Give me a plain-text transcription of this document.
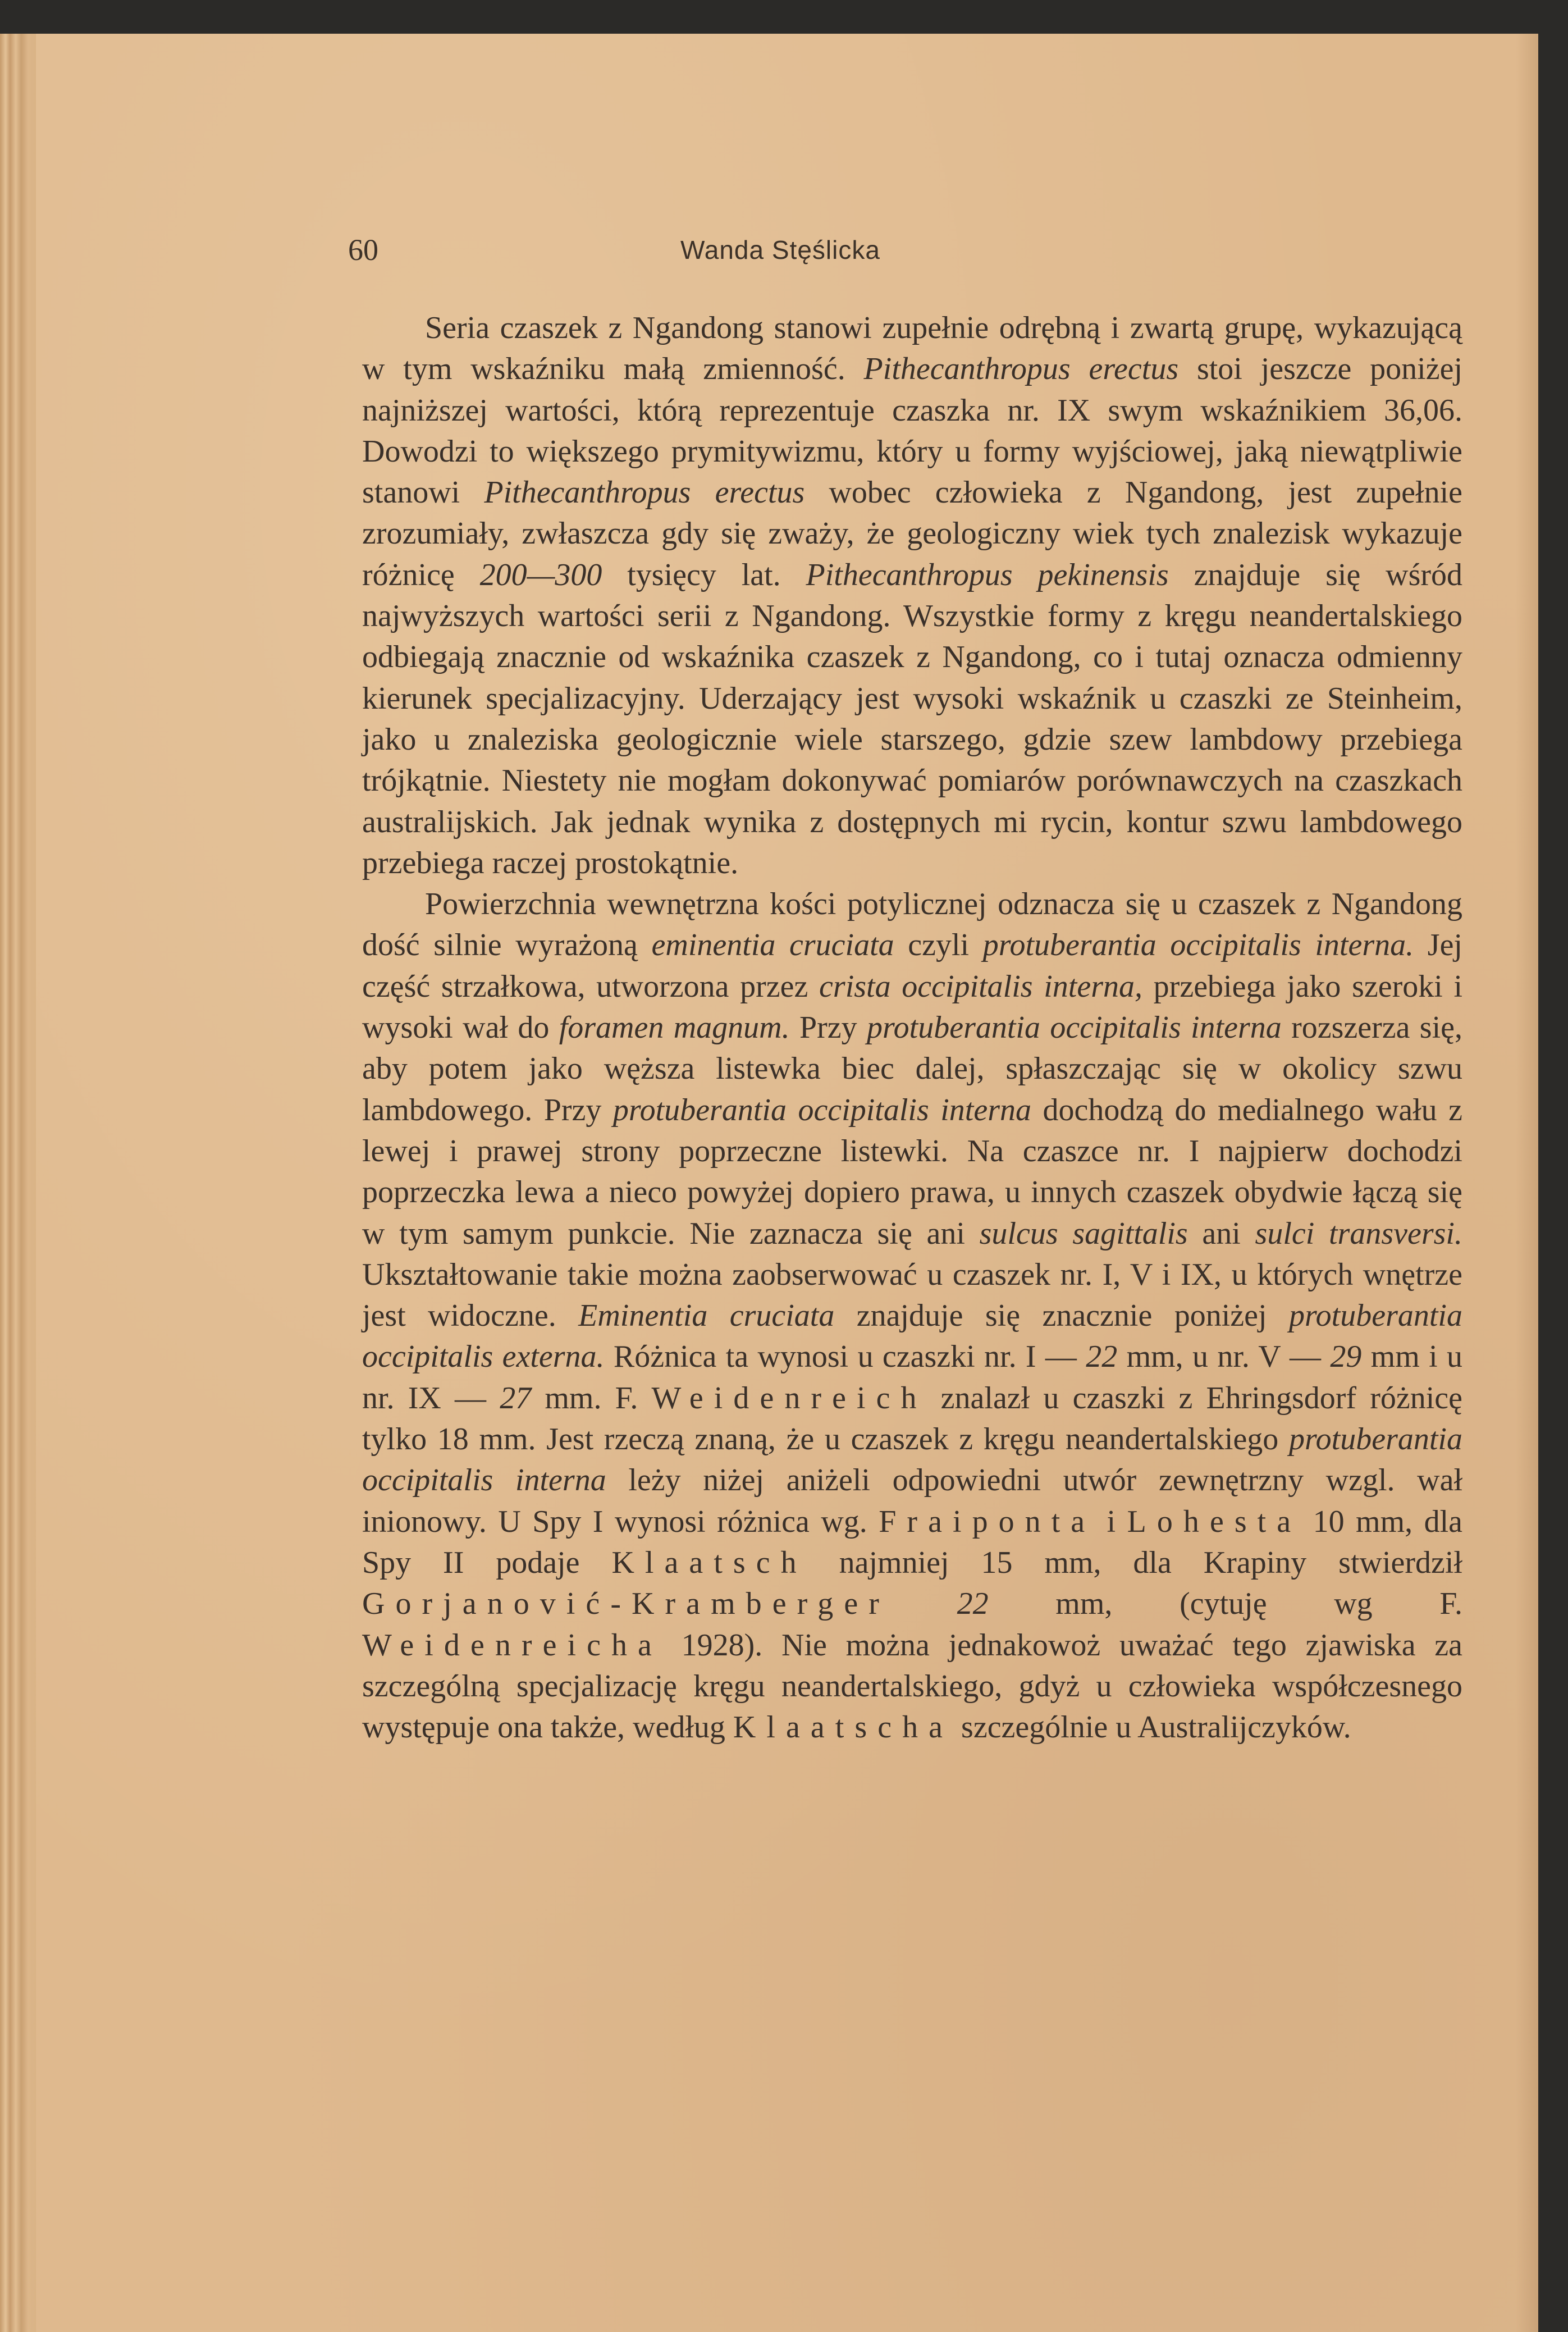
60	Wanda Stęślicka

Seria czaszek z Ngandong stanowi zupełnie odrębną i zwartą grupę, wykazującą w tym wskaźniku małą zmienność. Pithecanthropus erectus stoi jeszcze poniżej najniższej wartości, którą reprezentuje czaszka nr. IX swym wskaźnikiem 36,06. Dowodzi to większego prymitywizmu, który u formy wyjściowej, jaką niewątpliwie stanowi Pithecanthropus erectus wobec człowieka z Ngandong, jest zupełnie zrozumiały, zwłaszcza gdy się zważy, że geologiczny wiek tych znalezisk wykazuje różnicę 200—300 tysięcy lat. Pithecanthropus pekinensis znajduje się wśród najwyższych wartości serii z Ngandong. Wszystkie formy z kręgu neandertalskiego odbiegają znacznie od wskaźnika czaszek z Ngandong, co i tutaj oznacza odmienny kierunek specjalizacyjny. Uderzający jest wysoki wskaźnik u czaszki ze Steinheim, jako u znaleziska geologicznie wiele starszego, gdzie szew lambdowy przebiega trójkątnie. Niestety nie mogłam dokonywać pomiarów porównawczych na czaszkach australijskich. Jak jednak wynika z dostępnych mi rycin, kontur szwu lambdowego przebiega raczej prostokątnie.

Powierzchnia wewnętrzna kości potylicznej odznacza się u czaszek z Ngandong dość silnie wyrażoną eminentia cruciata czyli protuberantia occipitalis interna. Jej część strzałkowa, utworzona przez crista occipitalis interna, przebiega jako szeroki i wysoki wał do foramen magnum. Przy protuberantia occipitalis interna rozszerza się, aby potem jako węższa listewka biec dalej, spłaszczając się w okolicy szwu lambdowego. Przy protuberantia occipitalis interna dochodzą do medialnego wału z lewej i prawej strony poprzeczne listewki. Na czaszce nr. I najpierw dochodzi poprzeczka lewa a nieco powyżej dopiero prawa, u innych czaszek obydwie łączą się w tym samym punkcie. Nie zaznacza się ani sulcus sagittalis ani sulci transversi. Ukształtowanie takie można zaobserwować u czaszek nr. I, V i IX, u których wnętrze jest widoczne. Eminentia cruciata znajduje się znacznie poniżej protuberantia occipitalis externa. Różnica ta wynosi u czaszki nr. I — 22 mm, u nr. V — 29 mm i u nr. IX — 27 mm. F. Weidenreich znalazł u czaszki z Ehringsdorf różnicę tylko 18 mm. Jest rzeczą znaną, że u czaszek z kręgu neandertalskiego protuberantia occipitalis interna leży niżej aniżeli odpowiedni utwór zewnętrzny wzgl. wał inionowy. U Spy I wynosi różnica wg. Fraiponta i Lohesta 10 mm, dla Spy II podaje Klaatsch najmniej 15 mm, dla Krapiny stwierdził Gorjanović-Kramberger 22 mm, (cytuję wg F. Weidenreicha 1928). Nie można jednakowoż uważać tego zjawiska za szczególną specjalizację kręgu neandertalskiego, gdyż u człowieka współczesnego występuje ona także, według Klaatscha szczególnie u Australijczyków.
